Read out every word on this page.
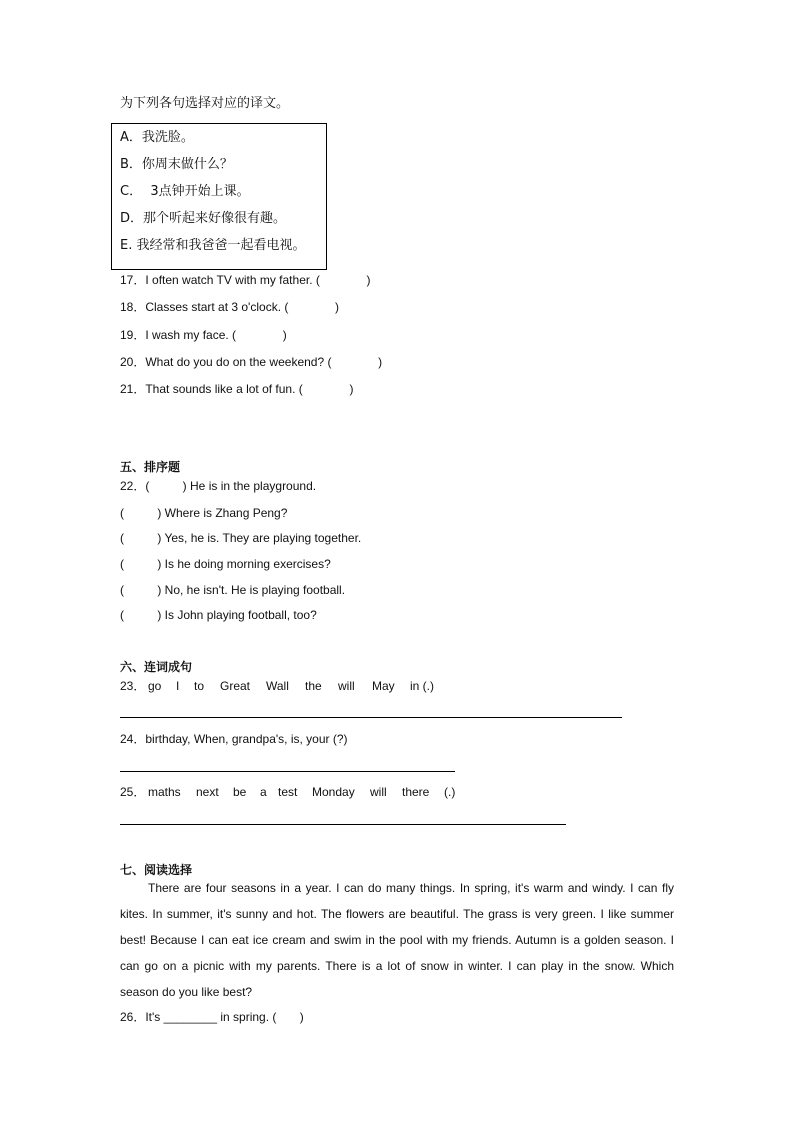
为下列各句选择对应的译文。
A．我洗脸。
B．你周末做什么？
C．  3点钟开始上课。
D．那个听起来好像很有趣。
E. 我经常和我爸爸一起看电视。
17．I often watch TV with my father. (              )
18．Classes start at 3 o'clock. (              )
19．I wash my face. (              )
20．What do you do on the weekend? (              )
21．That sounds like a lot of fun. (              )
五、排序题
22．(          ) He is in the playground.
(          ) Where is Zhang Peng?
(          ) Yes, he is. They are playing together.
(          ) Is he doing morning exercises?
(          ) No, he isn't. He is playing football.
(          ) Is John playing football, too?
六、连词成句
23． go I to Great Wall the will May in (.)
24．birthday, When, grandpa's, is, your (?)
25． maths next be a test Monday will there (.)
七、阅读选择

There are four seasons in a year. I can do many things. In spring, it's warm and windy. I can fly kites. In summer, it's sunny and hot. The flowers are beautiful. The grass is very green. I like summer best! Because I can eat ice cream and swim in the pool with my friends. Autumn is a golden season. I can go on a picnic with my parents. There is a lot of snow in winter. I can play in the snow. Which season do you like best?

26．It's ________ in spring. (       )
